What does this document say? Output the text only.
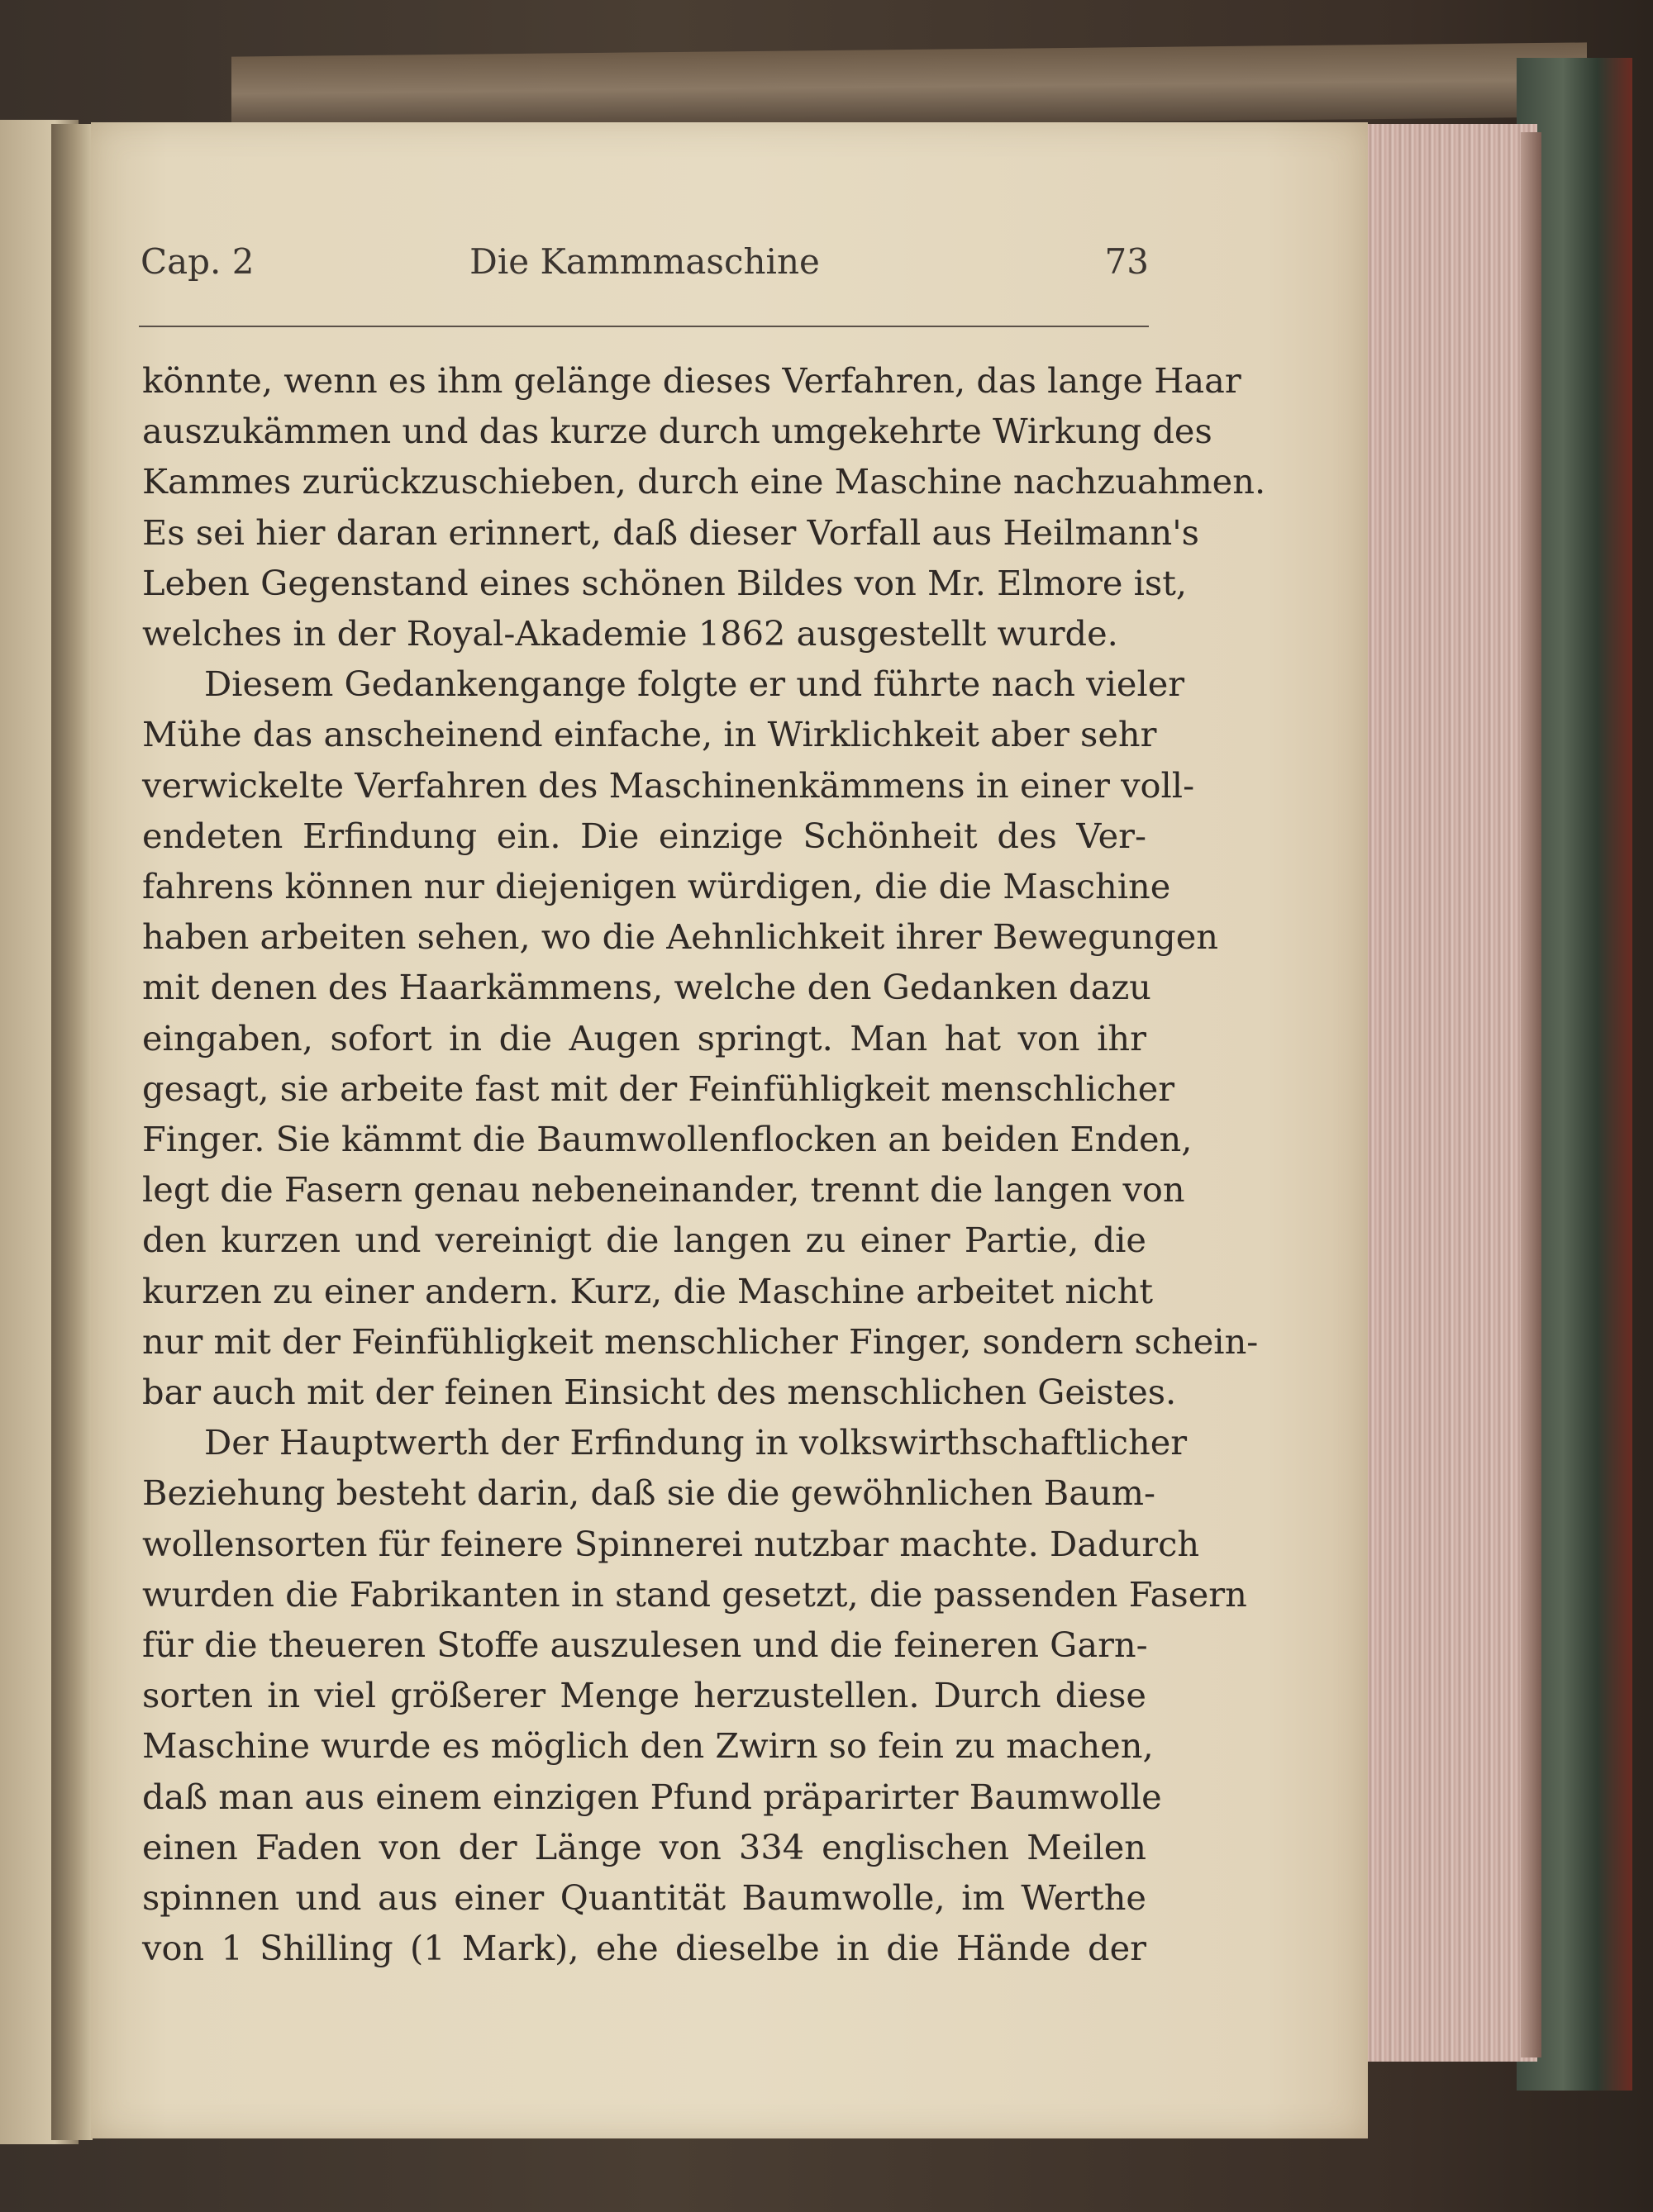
Cap. 2	Die Kammmaschine	73
könnte, wenn es ihm gelänge dieses Verfahren, das lange Haar
auszukämmen und das kurze durch umgekehrte Wirkung des
Kammes zurückzuschieben, durch eine Maschine nachzuahmen.
Es sei hier daran erinnert, daß dieser Vorfall aus Heilmann's
Leben Gegenstand eines schönen Bildes von Mr. Elmore ist,
welches in der Royal-Akademie 1862 ausgestellt wurde.
Diesem Gedankengange folgte er und führte nach vieler
Mühe das anscheinend einfache, in Wirklichkeit aber sehr
verwickelte Verfahren des Maschinenkämmens in einer voll-
endeten Erfindung ein. Die einzige Schönheit des Ver-
fahrens können nur diejenigen würdigen, die die Maschine
haben arbeiten sehen, wo die Aehnlichkeit ihrer Bewegungen
mit denen des Haarkämmens, welche den Gedanken dazu
eingaben, sofort in die Augen springt. Man hat von ihr
gesagt, sie arbeite fast mit der Feinfühligkeit menschlicher
Finger. Sie kämmt die Baumwollenflocken an beiden Enden,
legt die Fasern genau nebeneinander, trennt die langen von
den kurzen und vereinigt die langen zu einer Partie, die
kurzen zu einer andern. Kurz, die Maschine arbeitet nicht
nur mit der Feinfühligkeit menschlicher Finger, sondern schein-
bar auch mit der feinen Einsicht des menschlichen Geistes.
Der Hauptwerth der Erfindung in volkswirthschaftlicher
Beziehung besteht darin, daß sie die gewöhnlichen Baum-
wollensorten für feinere Spinnerei nutzbar machte. Dadurch
wurden die Fabrikanten in stand gesetzt, die passenden Fasern
für die theueren Stoffe auszulesen und die feineren Garn-
sorten in viel größerer Menge herzustellen. Durch diese
Maschine wurde es möglich den Zwirn so fein zu machen,
daß man aus einem einzigen Pfund präparirter Baumwolle
einen Faden von der Länge von 334 englischen Meilen
spinnen und aus einer Quantität Baumwolle, im Werthe
von 1 Shilling (1 Mark), ehe dieselbe in die Hände der
